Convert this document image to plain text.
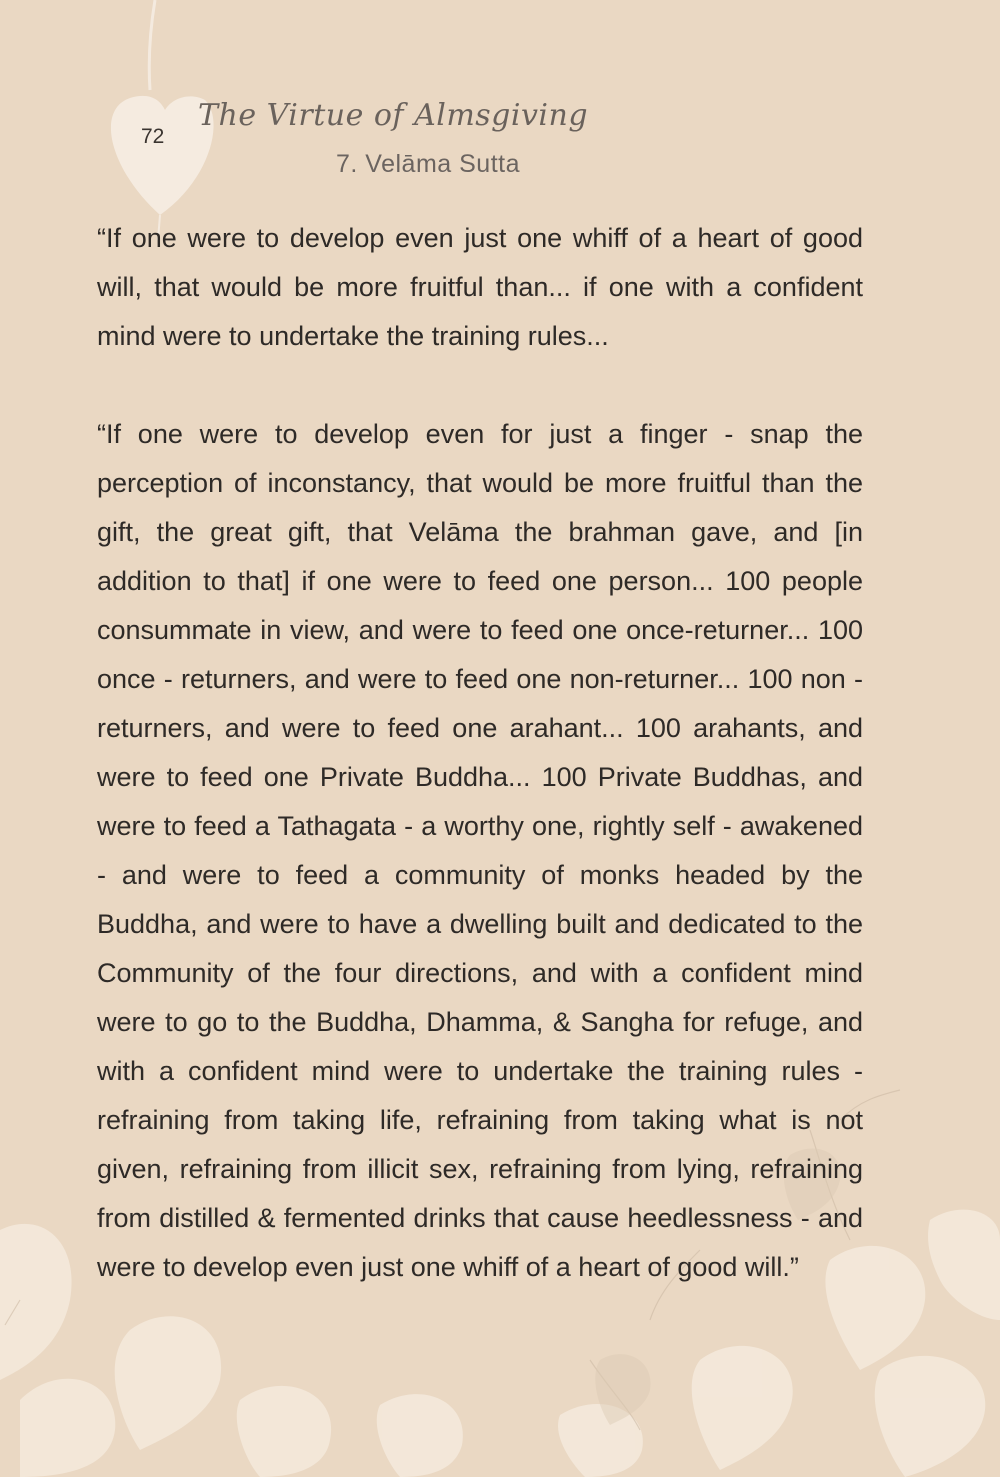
72
The Virtue of Almsgiving
7. Velāma Sutta

“If one were to develop even just one whiff of a heart of good will, that would be more fruitful than... if one with a confident mind were to undertake the training rules...

“If one were to develop even for just a finger - snap the perception of inconstancy, that would be more fruitful than the gift, the great gift, that Velāma the brahman gave, and [in addition to that] if one were to feed one person... 100 people consummate in view, and were to feed one once-returner... 100 once - returners, and were to feed one non-returner... 100 non - returners, and were to feed one arahant... 100 arahants, and were to feed one Private Buddha... 100 Private Buddhas, and were to feed a Tathagata - a worthy one, rightly self - awakened - and were to feed a community of monks headed by the Buddha, and were to have a dwelling built and dedicated to the Community of the four directions, and with a confident mind were to go to the Buddha, Dhamma, & Sangha for refuge, and with a confident mind were to undertake the training rules - refraining from taking life, refraining from taking what is not given, refraining from illicit sex, refraining from lying, refraining from distilled & fermented drinks that cause heedlessness - and were to develop even just one whiff of a heart of good will.”
